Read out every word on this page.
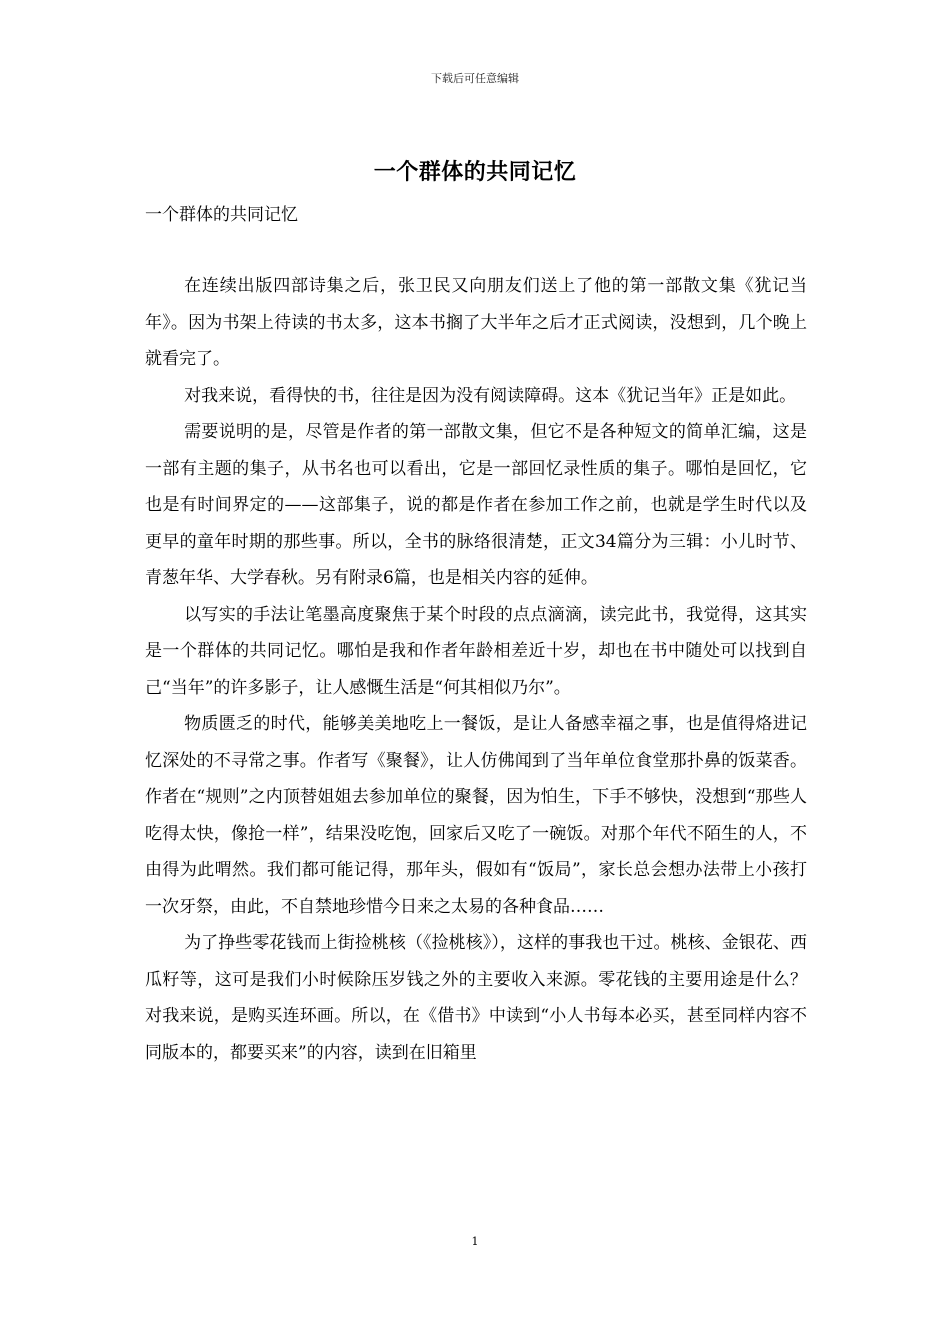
下载后可任意编辑
一个群体的共同记忆
一个群体的共同记忆

在连续出版四部诗集之后，张卫民又向朋友们送上了他的第一部散文集《犹记当年》。因为书架上待读的书太多，这本书搁了大半年之后才正式阅读，没想到，几个晚上就看完了。

对我来说，看得快的书，往往是因为没有阅读障碍。这本《犹记当年》正是如此。

需要说明的是，尽管是作者的第一部散文集，但它不是各种短文的简单汇编，这是一部有主题的集子，从书名也可以看出，它是一部回忆录性质的集子。哪怕是回忆，它也是有时间界定的——这部集子，说的都是作者在参加工作之前，也就是学生时代以及更早的童年时期的那些事。所以，全书的脉络很清楚，正文34篇分为三辑：小儿时节、青葱年华、大学春秋。另有附录6篇，也是相关内容的延伸。

以写实的手法让笔墨高度聚焦于某个时段的点点滴滴，读完此书，我觉得，这其实是一个群体的共同记忆。哪怕是我和作者年龄相差近十岁，却也在书中随处可以找到自己“当年”的许多影子，让人感慨生活是“何其相似乃尔”。

物质匮乏的时代，能够美美地吃上一餐饭，是让人备感幸福之事，也是值得烙进记忆深处的不寻常之事。作者写《聚餐》，让人仿佛闻到了当年单位食堂那扑鼻的饭菜香。作者在“规则”之内顶替姐姐去参加单位的聚餐，因为怕生，下手不够快，没想到“那些人吃得太快，像抢一样”，结果没吃饱，回家后又吃了一碗饭。对那个年代不陌生的人，不由得为此喟然。我们都可能记得，那年头，假如有“饭局”，家长总会想办法带上小孩打一次牙祭，由此，不自禁地珍惜今日来之太易的各种食品……

为了挣些零花钱而上街捡桃核（《捡桃核》），这样的事我也干过。桃核、金银花、西瓜籽等，这可是我们小时候除压岁钱之外的主要收入来源。零花钱的主要用途是什么？对我来说，是购买连环画。所以，在《借书》中读到“小人书每本必买，甚至同样内容不同版本的，都要买来”的内容，读到在旧箱里

1
